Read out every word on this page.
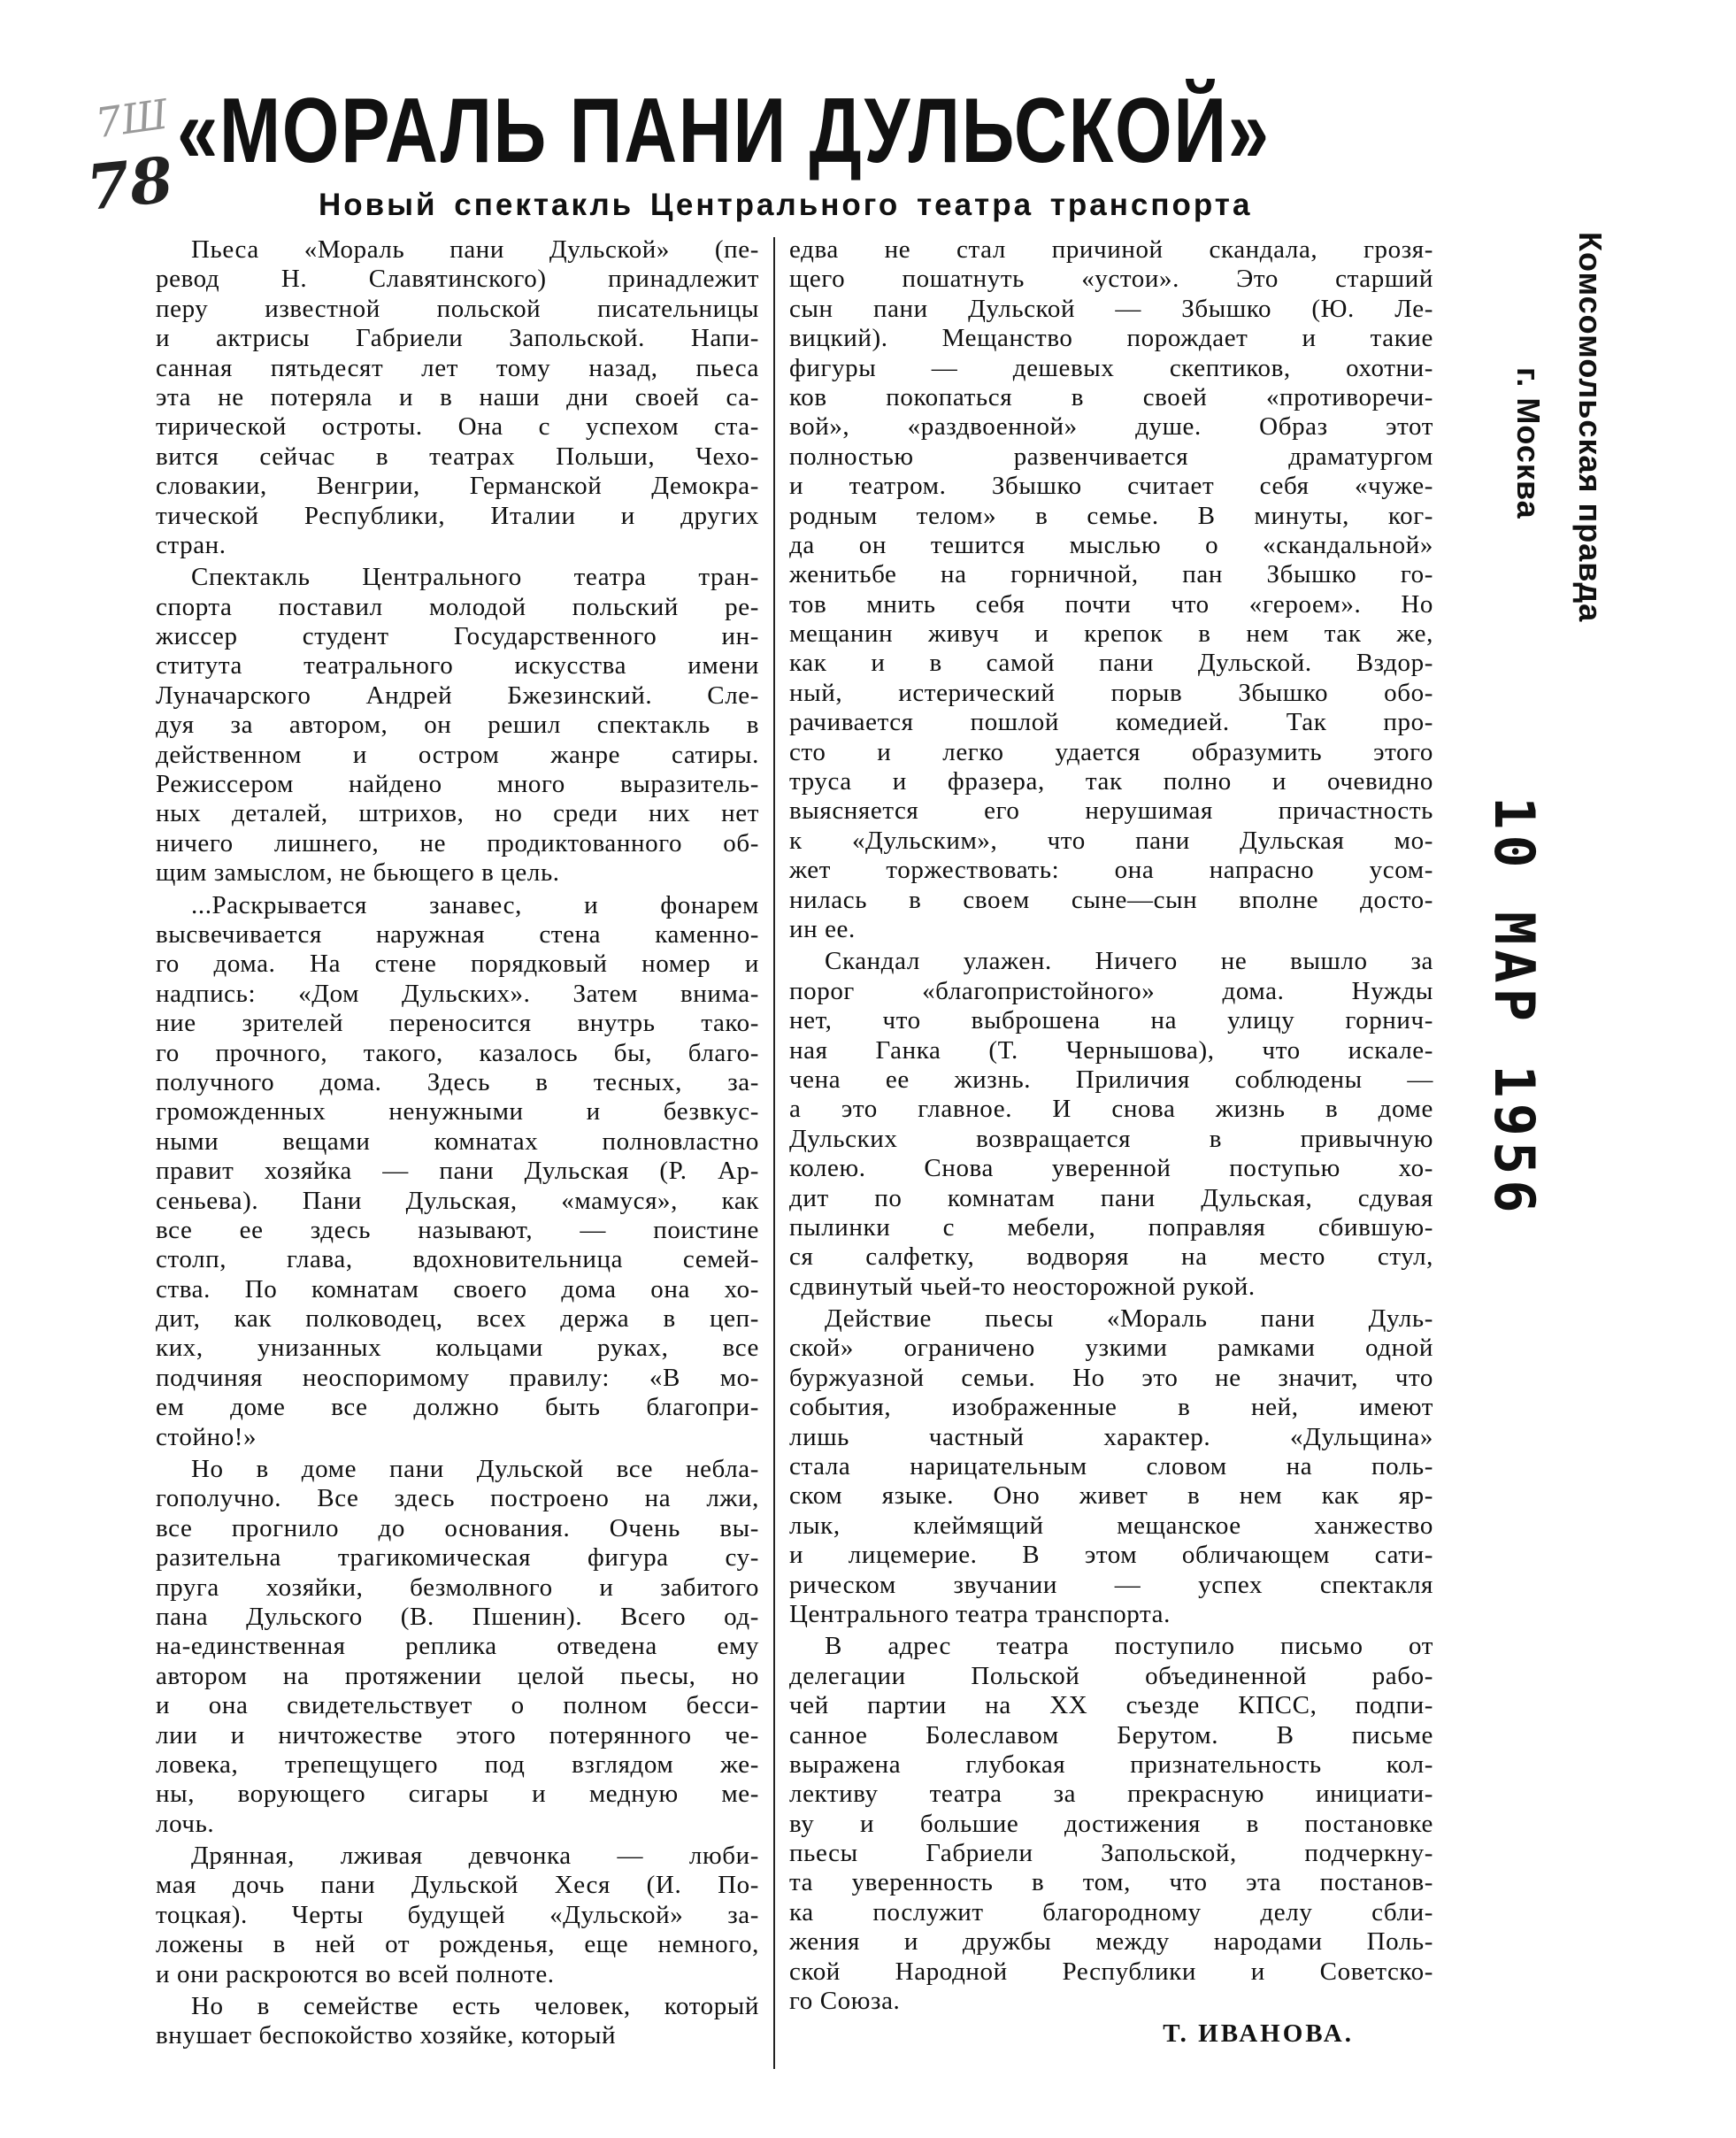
7Ш
78
«МОРАЛЬ ПАНИ ДУЛЬСКОЙ»
Новый спектакль Центрального театра транспорта
Пьеса «Мораль пани Дульской» (пе-
ревод Н. Славятинского) принадлежит
перу известной польской писательницы
и актрисы Габриели Запольской. Напи-
санная пятьдесят лет тому назад, пьеса
эта не потеряла и в наши дни своей са-
тирической остроты. Она с успехом ста-
вится сейчас в театрах Польши, Чехо-
словакии, Венгрии, Германской Демокра-
тической Республики, Италии и других
стран.
Спектакль Центрального театра тран-
спорта поставил молодой польский ре-
жиссер студент Государственного ин-
ститута театрального искусства имени
Луначарского Андрей Бжезинский. Сле-
дуя за автором, он решил спектакль в
действенном и остром жанре сатиры.
Режиссером найдено много выразитель-
ных деталей, штрихов, но среди них нет
ничего лишнего, не продиктованного об-
щим замыслом, не бьющего в цель.
...Раскрывается занавес, и фонарем
высвечивается наружная стена каменно-
го дома. На стене порядковый номер и
надпись: «Дом Дульских». Затем внима-
ние зрителей переносится внутрь тако-
го прочного, такого, казалось бы, благо-
получного дома. Здесь в тесных, за-
громожденных ненужными и безвкус-
ными вещами комнатах полновластно
правит хозяйка — пани Дульская (Р. Ар-
сеньева). Пани Дульская, «мамуся», как
все ее здесь называют, — поистине
столп, глава, вдохновительница семей-
ства. По комнатам своего дома она хо-
дит, как полководец, всех держа в цеп-
ких, унизанных кольцами руках, все
подчиняя неоспоримому правилу: «В мо-
ем доме все должно быть благопри-
стойно!»
Но в доме пани Дульской все небла-
гополучно. Все здесь построено на лжи,
все прогнило до основания. Очень вы-
разительна трагикомическая фигура су-
пруга хозяйки, безмолвного и забитого
пана Дульского (В. Пшенин). Всего од-
на-единственная реплика отведена ему
автором на протяжении целой пьесы, но
и она свидетельствует о полном бесси-
лии и ничтожестве этого потерянного че-
ловека, трепещущего под взглядом же-
ны, ворующего сигары и медную ме-
лочь.
Дрянная, лживая девчонка — люби-
мая дочь пани Дульской Хеся (И. По-
тоцкая). Черты будущей «Дульской» за-
ложены в ней от рожденья, еще немного,
и они раскроются во всей полноте.
Но в семействе есть человек, который
внушает беспокойство хозяйке, который
едва не стал причиной скандала, грозя-
щего пошатнуть «устои». Это старший
сын пани Дульской — Збышко (Ю. Ле-
вицкий). Мещанство порождает и такие
фигуры — дешевых скептиков, охотни-
ков покопаться в своей «противоречи-
вой», «раздвоенной» душе. Образ этот
полностью развенчивается драматургом
и театром. Збышко считает себя «чуже-
родным телом» в семье. В минуты, ког-
да он тешится мыслью о «скандальной»
женитьбе на горничной, пан Збышко го-
тов мнить себя почти что «героем». Но
мещанин живуч и крепок в нем так же,
как и в самой пани Дульской. Вздор-
ный, истерический порыв Збышко обо-
рачивается пошлой комедией. Так про-
сто и легко удается образумить этого
труса и фразера, так полно и очевидно
выясняется его нерушимая причастность
к «Дульским», что пани Дульская мо-
жет торжествовать: она напрасно усом-
нилась в своем сыне—сын вполне досто-
ин ее.
Скандал улажен. Ничего не вышло за
порог «благопристойного» дома. Нужды
нет, что выброшена на улицу горнич-
ная Ганка (Т. Чернышова), что искале-
чена ее жизнь. Приличия соблюдены —
а это главное. И снова жизнь в доме
Дульских возвращается в привычную
колею. Снова уверенной поступью хо-
дит по комнатам пани Дульская, сдувая
пылинки с мебели, поправляя сбившую-
ся салфетку, водворяя на место стул,
сдвинутый чьей-то неосторожной рукой.
Действие пьесы «Мораль пани Дуль-
ской» ограничено узкими рамками одной
буржуазной семьи. Но это не значит, что
события, изображенные в ней, имеют
лишь частный характер. «Дульщина»
стала нарицательным словом на поль-
ском языке. Оно живет в нем как яр-
лык, клеймящий мещанское ханжество
и лицемерие. В этом обличающем сати-
рическом звучании — успех спектакля
Центрального театра транспорта.
В адрес театра поступило письмо от
делегации Польской объединенной рабо-
чей партии на XX съезде КПСС, подпи-
санное Болеславом Берутом. В письме
выражена глубокая признательность кол-
лективу театра за прекрасную инициати-
ву и большие достижения в постановке
пьесы Габриели Запольской, подчеркну-
та уверенность в том, что эта постанов-
ка послужит благородному делу сбли-
жения и дружбы между народами Поль-
ской Народной Республики и Советско-
го Союза.
Т. ИВАНОВА.
Комсомольская правда
г. Москва
10 МАР 1956
